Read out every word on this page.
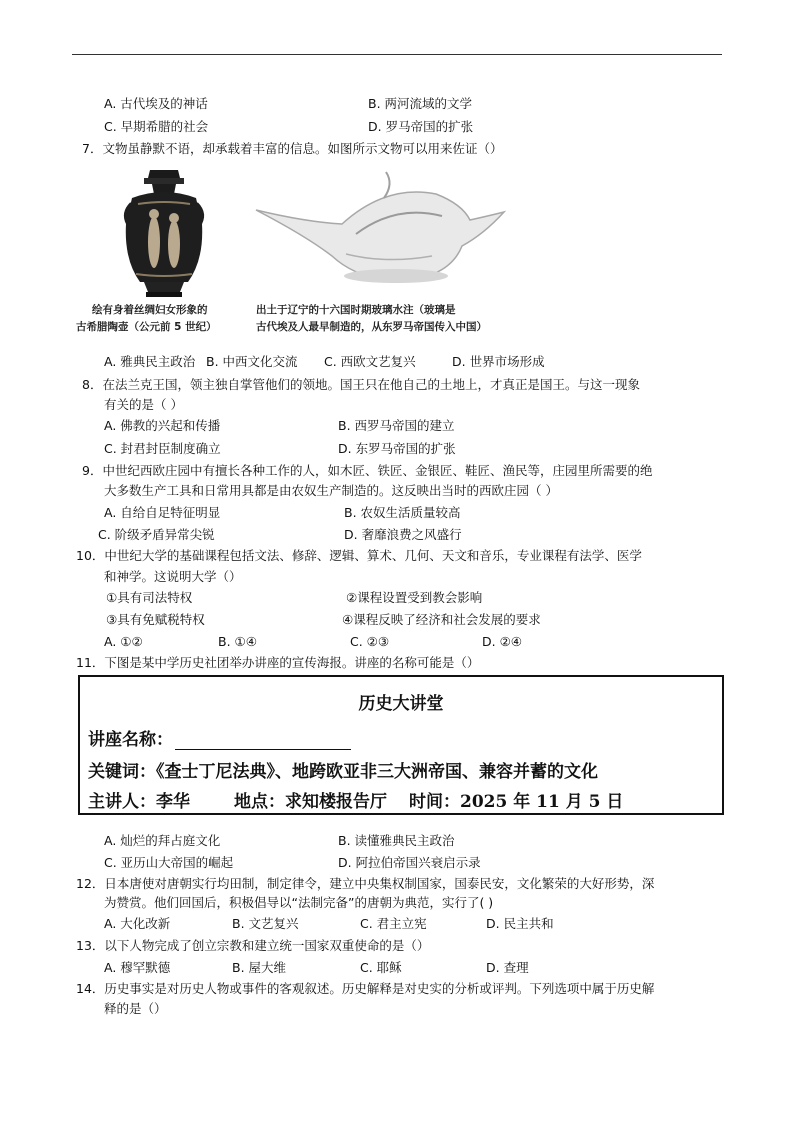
A. 古代埃及的神话	B. 两河流域的文学
C. 早期希腊的社会	D. 罗马帝国的扩张
7．文物虽静默不语，却承载着丰富的信息。如图所示文物可以用来佐证（）
绘有身着丝绸妇女形象的
古希腊陶壶（公元前 5 世纪）
出土于辽宁的十六国时期玻璃水注（玻璃是
古代埃及人最早制造的，从东罗马帝国传入中国）
A. 雅典民主政治 B. 中西文化交流 C. 西欧文艺复兴	D. 世界市场形成
8．在法兰克王国，领主独自掌管他们的领地。国王只在他自己的土地上，才真正是国王。与这一现象
有关的是（ ）
A. 佛教的兴起和传播	B. 西罗马帝国的建立
C. 封君封臣制度确立	D. 东罗马帝国的扩张
9．中世纪西欧庄园中有擅长各种工作的人，如木匠、铁匠、金银匠、鞋匠、渔民等，庄园里所需要的绝
大多数生产工具和日常用具都是由农奴生产制造的。这反映出当时的西欧庄园（ ）
A. 自给自足特征明显	B. 农奴生活质量较高
C. 阶级矛盾异常尖锐	D. 奢靡浪费之风盛行
10．中世纪大学的基础课程包括文法、修辞、逻辑、算术、几何、天文和音乐，专业课程有法学、医学
和神学。这说明大学（）
①具有司法特权	②课程设置受到教会影响
③具有免赋税特权	④课程反映了经济和社会发展的要求
A. ①②	B. ①④	C. ②③	D. ②④
11．下图是某中学历史社团举办讲座的宣传海报。讲座的名称可能是（）
历史大讲堂
讲座名称：
关键词：《查士丁尼法典》、地跨欧亚非三大洲帝国、兼容并蓄的文化
主讲人：李华	地点：求知楼报告厅 时间：2025 年 11 月 5 日
A. 灿烂的拜占庭文化	B. 读懂雅典民主政治
C. 亚历山大帝国的崛起	D. 阿拉伯帝国兴衰启示录
12．日本唐使对唐朝实行均田制，制定律令，建立中央集权制国家，国泰民安，文化繁荣的大好形势，深
为赞赏。他们回国后，积极倡导以“法制完备”的唐朝为典范，实行了( )
A. 大化改新	B. 文艺复兴	C. 君主立宪	D. 民主共和
13．以下人物完成了创立宗教和建立统一国家双重使命的是（）
A. 穆罕默德	B. 屋大维	C. 耶稣	D. 查理
14．历史事实是对历史人物或事件的客观叙述。历史解释是对史实的分析或评判。下列选项中属于历史解
释的是（）
